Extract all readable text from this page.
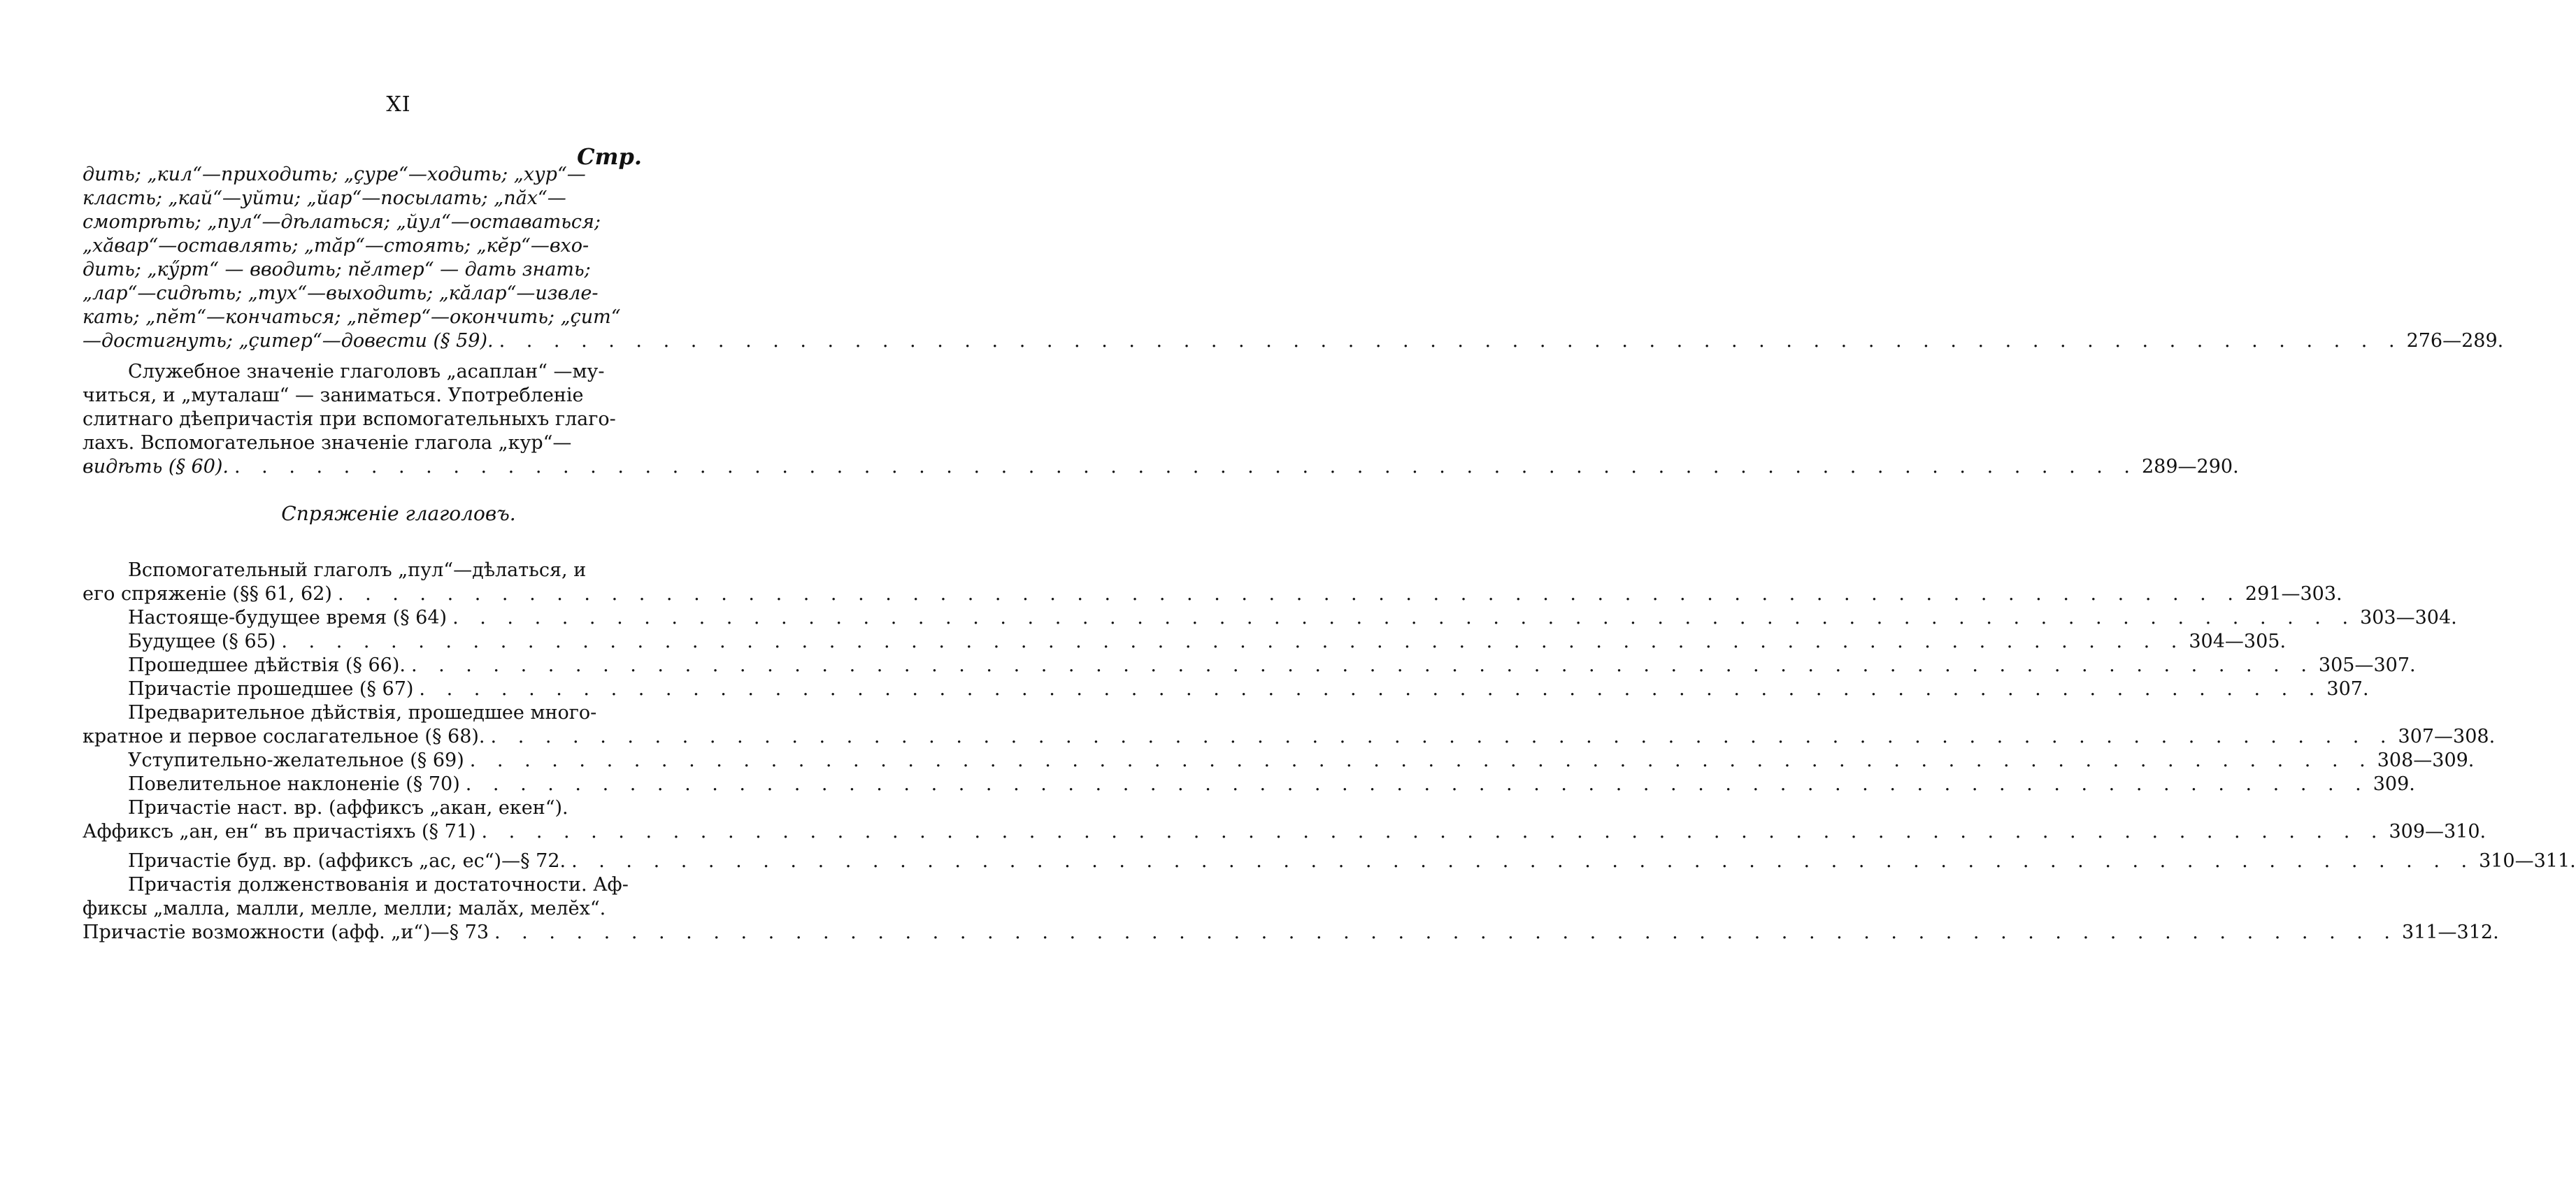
XI
Стр.
дить; „кил“—приходить; „çуре“—ходить; „хур“—
класть; „кай“—уйти; „йар“—посылать; „пăх“—
смотрѣть; „пул“—дѣлаться; „йул“—оставаться;
„хăвар“—оставлять; „тăр“—стоять; „кĕр“—вхо-
дить; „кӳрт“ — вводить; пĕлтер“ — дать знать;
„лар“—сидѣть; „тух“—выходить; „кăлар“—извле-
кать; „пĕт“—кончаться; „пĕтер“—окончить; „çит“
—достигнуть; „çитер“—довести (§ 59). . . .	276—289.
Служебное значеніе глаголовъ „асаплан“ —му-
читься, и „муталаш“ — заниматься. Употребленіе
слитнаго дѣепричастія при вспомогательныхъ глаго-
лахъ. Вспомогательное значеніе глагола „кур“—
видѣть (§ 60). . . .	289—290.
Спряженіе глаголовъ.
Вспомогательный глаголъ „пул“—дѣлаться, и
его спряженіе (§§ 61, 62) . . .	291—303.
Настояще-будущее время (§ 64) . . .	303—304.
Будущее (§ 65) . . .	304—305.
Прошедшее дѣйствія (§ 66). . . .	305—307.
Причастіе прошедшее (§ 67) . . .	307.
Предварительное дѣйствія, прошедшее много-
кратное и первое сослагательное (§ 68). . . .	307—308.
Уступительно-желательное (§ 69) . . .	308—309.
Повелительное наклоненіе (§ 70) . . .	309.
Причастіе наст. вр. (аффиксъ „акан, екен“).
Аффиксъ „ан, ен“ въ причастіяхъ (§ 71) . . .	309—310.
Причастіе буд. вр. (аффиксъ „ас, ес“)—§ 72. . . .	310—311.
Причастія долженствованія и достаточности. Аф-
фиксы „малла, малли, мелле, мелли; малăх, мелĕх“.
Причастіе возможности (афф. „и“)—§ 73 . . .	311—312.
